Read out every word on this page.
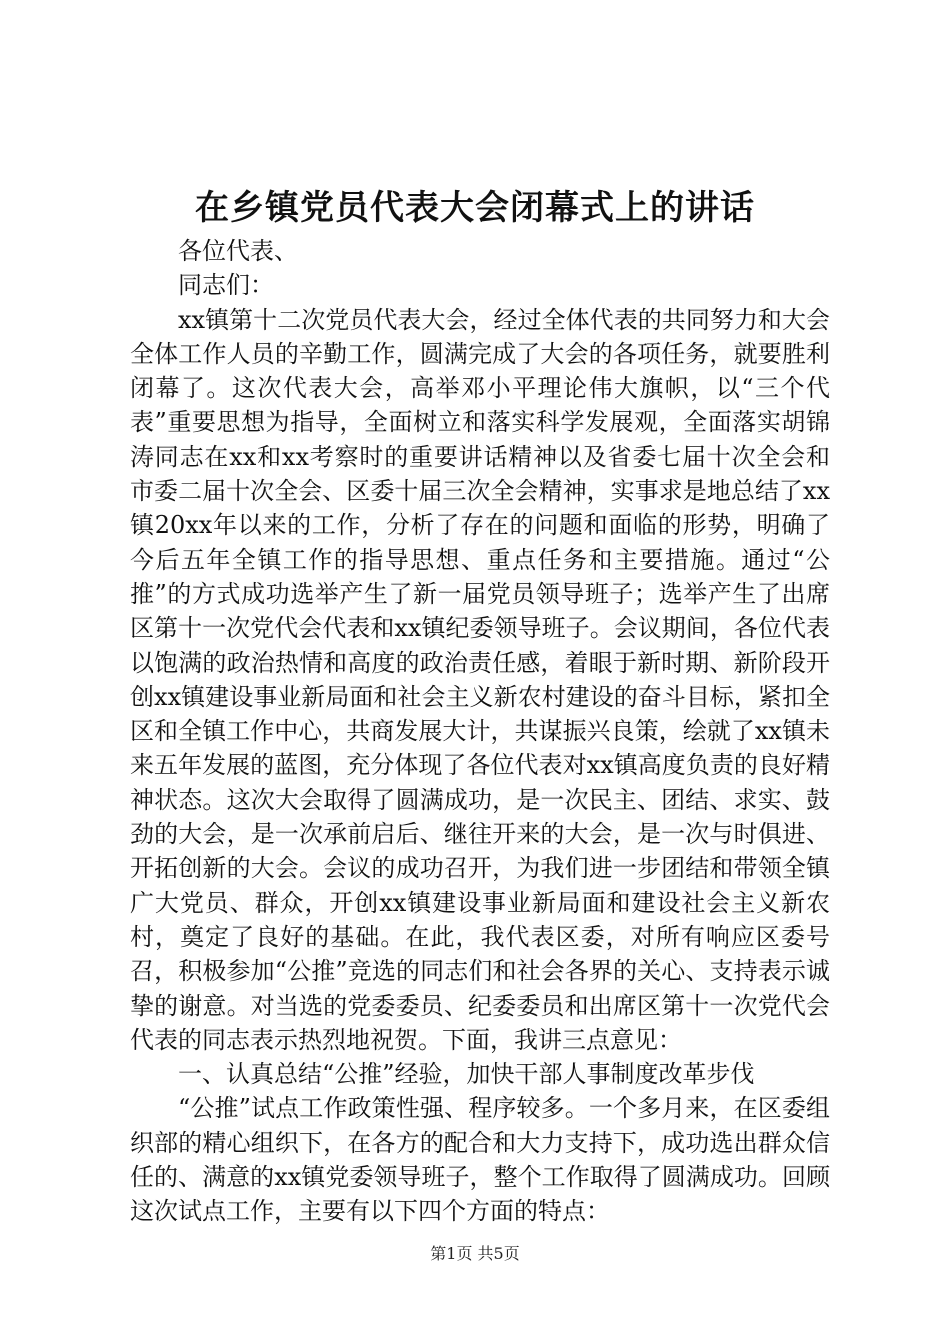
在乡镇党员代表大会闭幕式上的讲话

各位代表、

同志们：

xx镇第十二次党员代表大会，经过全体代表的共同努力和大会全体工作人员的辛勤工作，圆满完成了大会的各项任务，就要胜利闭幕了。这次代表大会，高举邓小平理论伟大旗帜，以“三个代表”重要思想为指导，全面树立和落实科学发展观，全面落实胡锦涛同志在xx和xx考察时的重要讲话精神以及省委七届十次全会和市委二届十次全会、区委十届三次全会精神，实事求是地总结了xx镇20xx年以来的工作，分析了存在的问题和面临的形势，明确了今后五年全镇工作的指导思想、重点任务和主要措施。通过“公推”的方式成功选举产生了新一届党员领导班子；选举产生了出席区第十一次党代会代表和xx镇纪委领导班子。会议期间，各位代表以饱满的政治热情和高度的政治责任感，着眼于新时期、新阶段开创xx镇建设事业新局面和社会主义新农村建设的奋斗目标，紧扣全区和全镇工作中心，共商发展大计，共谋振兴良策，绘就了xx镇未来五年发展的蓝图，充分体现了各位代表对xx镇高度负责的良好精神状态。这次大会取得了圆满成功，是一次民主、团结、求实、鼓劲的大会，是一次承前启后、继往开来的大会，是一次与时俱进、开拓创新的大会。会议的成功召开，为我们进一步团结和带领全镇广大党员、群众，开创xx镇建设事业新局面和建设社会主义新农村，奠定了良好的基础。在此，我代表区委，对所有响应区委号召，积极参加“公推”竞选的同志们和社会各界的关心、支持表示诚挚的谢意。对当选的党委委员、纪委委员和出席区第十一次党代会代表的同志表示热烈地祝贺。下面，我讲三点意见：

一、认真总结“公推”经验，加快干部人事制度改革步伐

“公推”试点工作政策性强、程序较多。一个多月来，在区委组织部的精心组织下，在各方的配合和大力支持下，成功选出群众信任的、满意的xx镇党委领导班子，整个工作取得了圆满成功。回顾这次试点工作，主要有以下四个方面的特点：

第1页 共5页
